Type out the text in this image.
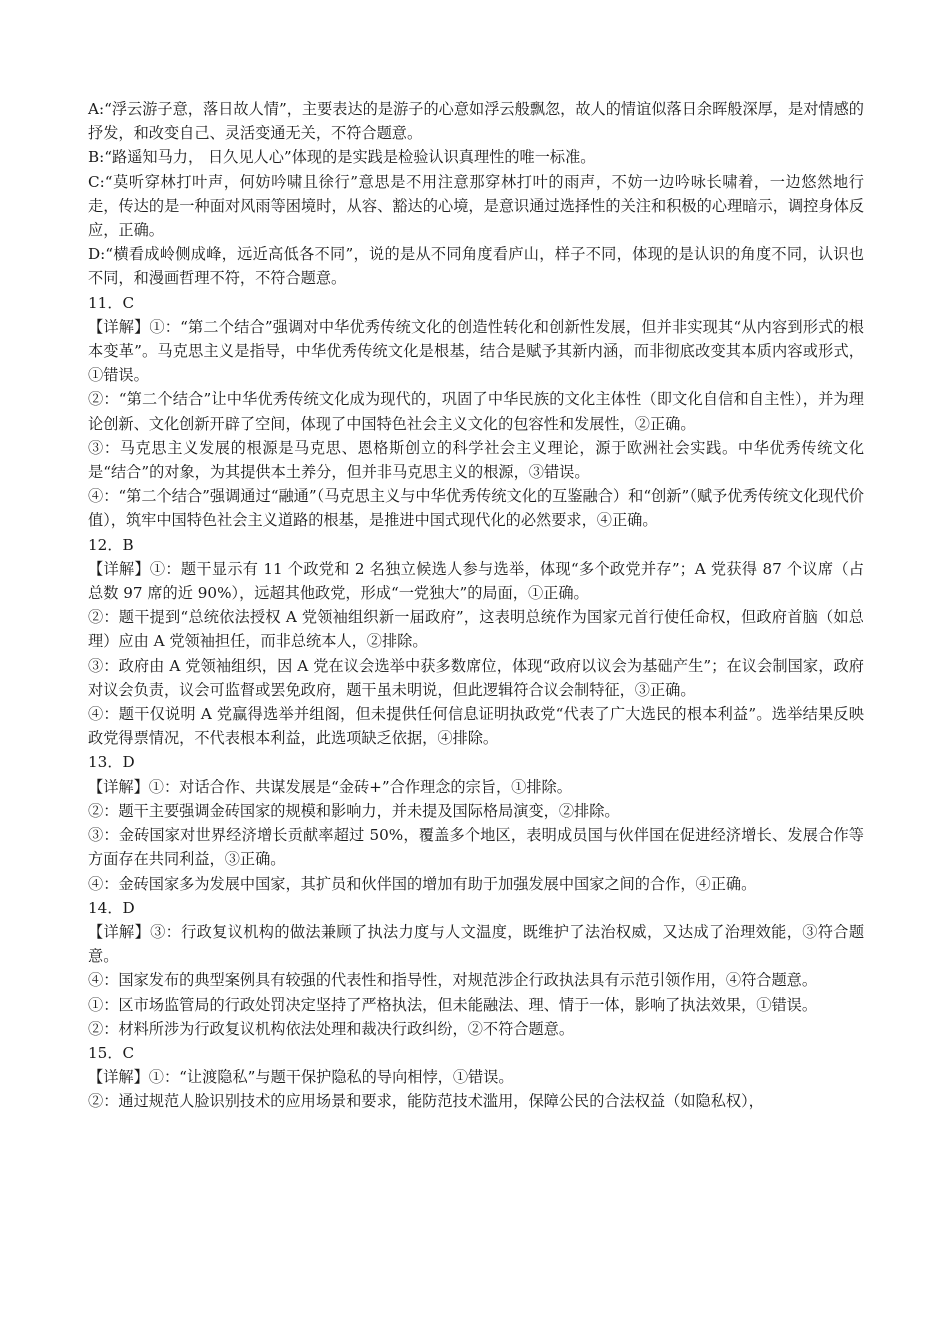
A:“浮云游子意，落日故人情”，主要表达的是游子的心意如浮云般飘忽，故人的情谊似落日余晖般深厚，是对情感的抒发，和改变自己、灵活变通无关，不符合题意。

B:“路遥知马力， 日久见人心”体现的是实践是检验认识真理性的唯一标准。

C:“莫听穿林打叶声，何妨吟啸且徐行”意思是不用注意那穿林打叶的雨声，不妨一边吟咏长啸着，一边悠然地行走，传达的是一种面对风雨等困境时，从容、豁达的心境，是意识通过选择性的关注和积极的心理暗示，调控身体反应，正确。

D:“横看成岭侧成峰，远近高低各不同”，说的是从不同角度看庐山，样子不同，体现的是认识的角度不同，认识也不同，和漫画哲理不符，不符合题意。

11．C

【详解】①：“第二个结合”强调对中华优秀传统文化的创造性转化和创新性发展，但并非实现其“从内容到形式的根本变革”。马克思主义是指导，中华优秀传统文化是根基，结合是赋予其新内涵，而非彻底改变其本质内容或形式，①错误。

②：“第二个结合”让中华优秀传统文化成为现代的，巩固了中华民族的文化主体性（即文化自信和自主性），并为理论创新、文化创新开辟了空间，体现了中国特色社会主义文化的包容性和发展性，②正确。

③：马克思主义发展的根源是马克思、恩格斯创立的科学社会主义理论，源于欧洲社会实践。中华优秀传统文化是“结合”的对象，为其提供本土养分，但并非马克思主义的根源，③错误。

④：“第二个结合”强调通过“融通”（马克思主义与中华优秀传统文化的互鉴融合）和“创新”（赋予优秀传统文化现代价值），筑牢中国特色社会主义道路的根基，是推进中国式现代化的必然要求，④正确。

12．B

【详解】①：题干显示有 11 个政党和 2 名独立候选人参与选举，体现“多个政党并存”；A 党获得 87 个议席（占总数 97 席的近 90%），远超其他政党，形成“一党独大”的局面，①正确。

②：题干提到“总统依法授权 A 党领袖组织新一届政府”，这表明总统作为国家元首行使任命权，但政府首脑（如总理）应由 A 党领袖担任，而非总统本人，②排除。

③：政府由 A 党领袖组织，因 A 党在议会选举中获多数席位，体现“政府以议会为基础产生”；在议会制国家，政府对议会负责，议会可监督或罢免政府，题干虽未明说，但此逻辑符合议会制特征，③正确。

④：题干仅说明 A 党赢得选举并组阁，但未提供任何信息证明执政党“代表了广大选民的根本利益”。选举结果反映政党得票情况，不代表根本利益，此选项缺乏依据，④排除。

13．D

【详解】①：对话合作、共谋发展是“金砖+”合作理念的宗旨，①排除。

②：题干主要强调金砖国家的规模和影响力，并未提及国际格局演变，②排除。

③：金砖国家对世界经济增长贡献率超过 50%，覆盖多个地区，表明成员国与伙伴国在促进经济增长、发展合作等方面存在共同利益，③正确。

④：金砖国家多为发展中国家，其扩员和伙伴国的增加有助于加强发展中国家之间的合作，④正确。

14．D

【详解】③：行政复议机构的做法兼顾了执法力度与人文温度，既维护了法治权威，又达成了治理效能，③符合题意。

④：国家发布的典型案例具有较强的代表性和指导性，对规范涉企行政执法具有示范引领作用，④符合题意。

①：区市场监管局的行政处罚决定坚持了严格执法，但未能融法、理、情于一体，影响了执法效果，①错误。

②：材料所涉为行政复议机构依法处理和裁决行政纠纷，②不符合题意。

15．C

【详解】①：“让渡隐私”与题干保护隐私的导向相悖，①错误。

②：通过规范人脸识别技术的应用场景和要求，能防范技术滥用，保障公民的合法权益（如隐私权），
